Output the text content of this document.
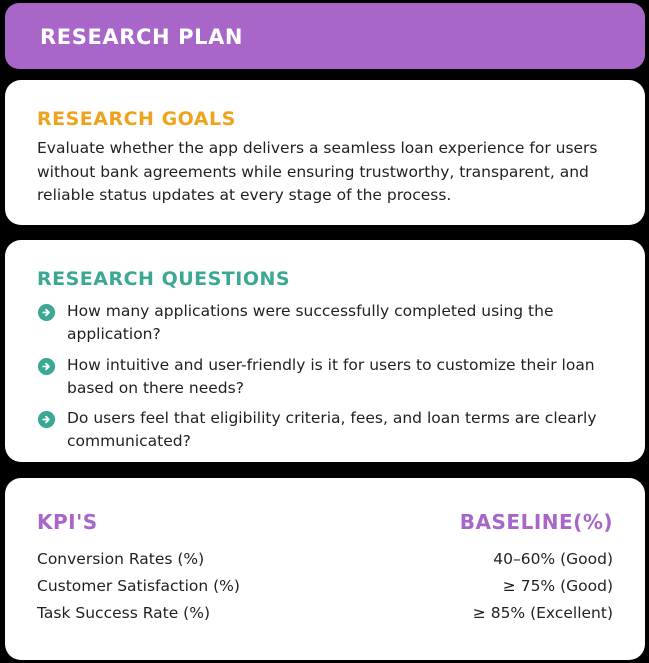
RESEARCH PLAN
RESEARCH GOALS
Evaluate whether the app delivers a seamless loan experience for users without bank agreements while ensuring trustworthy, transparent, and reliable status updates at every stage of the process.
RESEARCH QUESTIONS
How many applications were successfully completed using the application?
How intuitive and user-friendly is it for users to customize their loan based on there needs?
Do users feel that eligibility criteria, fees, and loan terms are clearly communicated?
KPI'S	BASELINE(%)
Conversion Rates (%)	40–60% (Good)
Customer Satisfaction (%)	≥ 75% (Good)
Task Success Rate (%)	≥ 85% (Excellent)
